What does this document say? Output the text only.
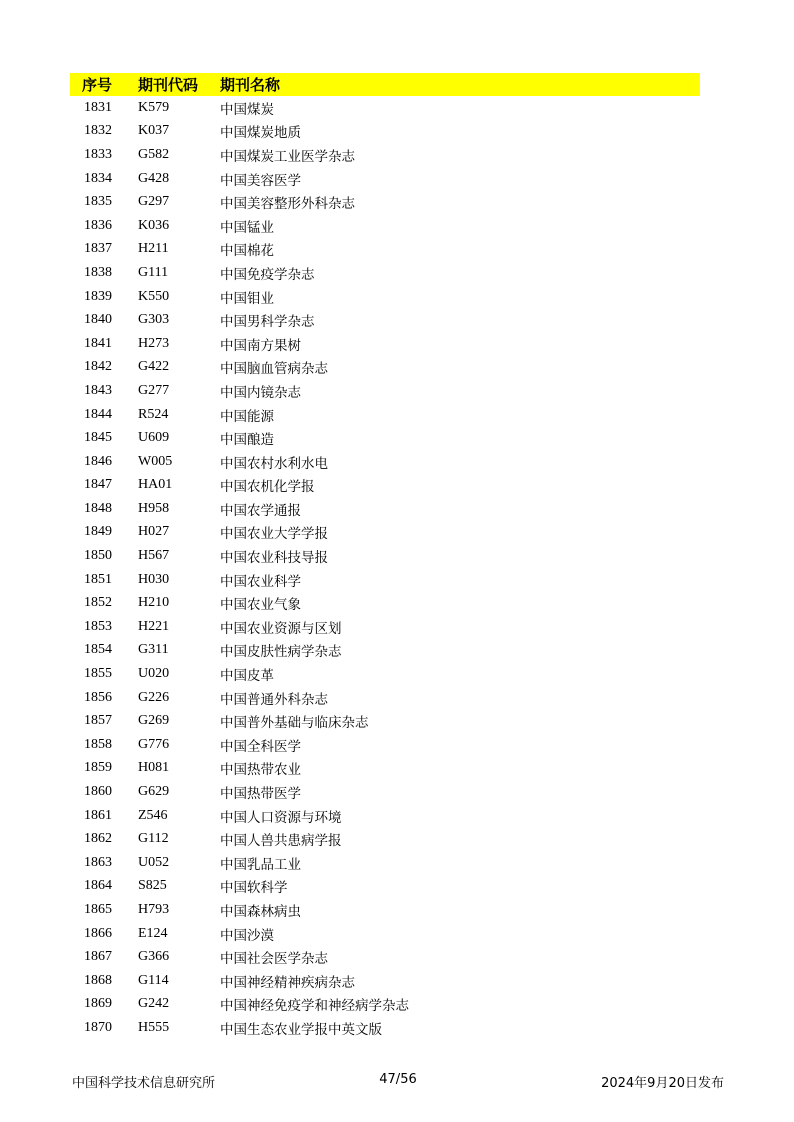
序号	期刊代码	期刊名称
1831	K579	中国煤炭
1832	K037	中国煤炭地质
1833	G582	中国煤炭工业医学杂志
1834	G428	中国美容医学
1835	G297	中国美容整形外科杂志
1836	K036	中国锰业
1837	H211	中国棉花
1838	G111	中国免疫学杂志
1839	K550	中国钼业
1840	G303	中国男科学杂志
1841	H273	中国南方果树
1842	G422	中国脑血管病杂志
1843	G277	中国内镜杂志
1844	R524	中国能源
1845	U609	中国酿造
1846	W005	中国农村水利水电
1847	HA01	中国农机化学报
1848	H958	中国农学通报
1849	H027	中国农业大学学报
1850	H567	中国农业科技导报
1851	H030	中国农业科学
1852	H210	中国农业气象
1853	H221	中国农业资源与区划
1854	G311	中国皮肤性病学杂志
1855	U020	中国皮革
1856	G226	中国普通外科杂志
1857	G269	中国普外基础与临床杂志
1858	G776	中国全科医学
1859	H081	中国热带农业
1860	G629	中国热带医学
1861	Z546	中国人口资源与环境
1862	G112	中国人兽共患病学报
1863	U052	中国乳品工业
1864	S825	中国软科学
1865	H793	中国森林病虫
1866	E124	中国沙漠
1867	G366	中国社会医学杂志
1868	G114	中国神经精神疾病杂志
1869	G242	中国神经免疫学和神经病学杂志
1870	H555	中国生态农业学报中英文版
中国科学技术信息研究所	47/56	2024年9月20日发布
